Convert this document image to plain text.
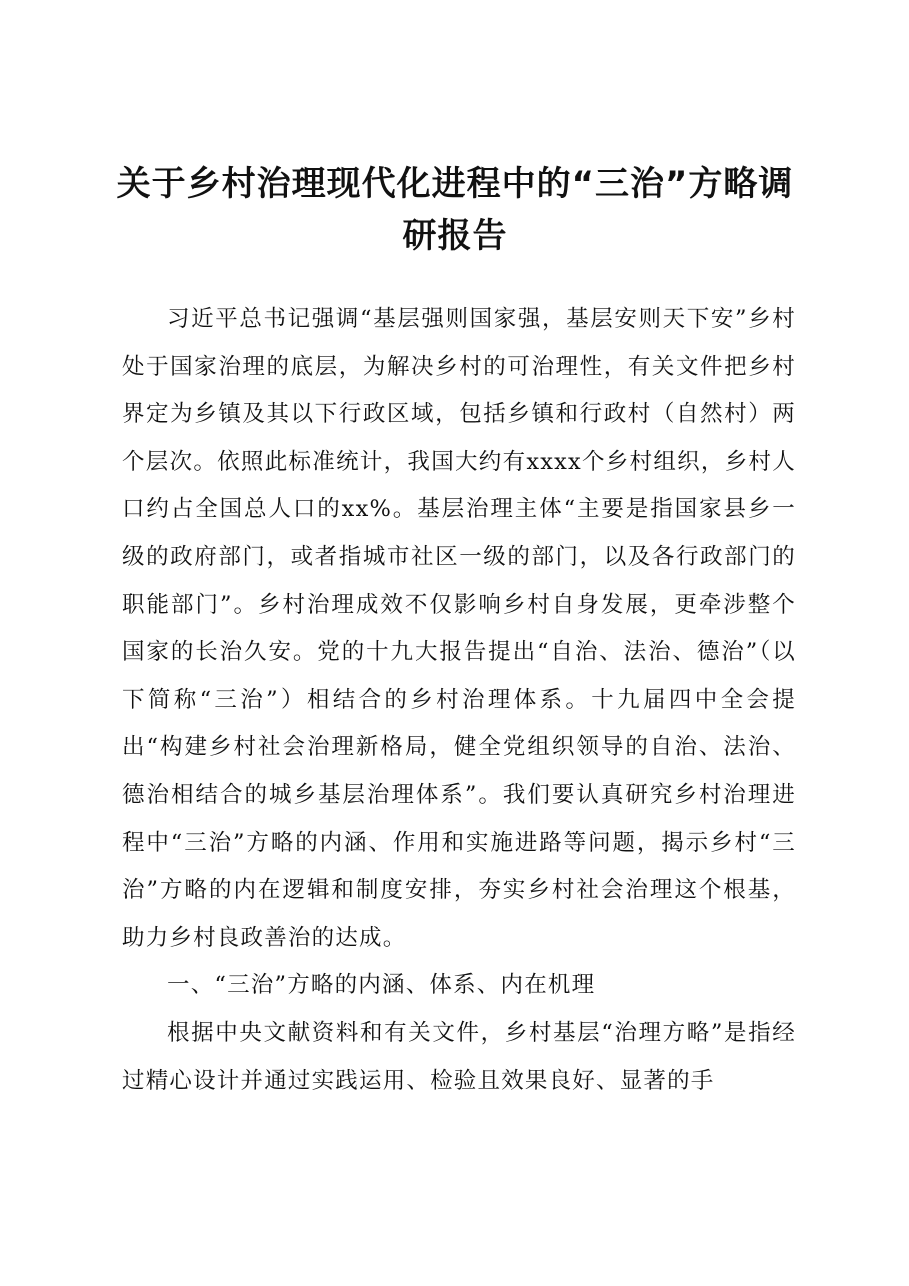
关于乡村治理现代化进程中的“三治”方略调研报告

习近平总书记强调“基层强则国家强，基层安则天下安”乡村处于国家治理的底层，为解决乡村的可治理性，有关文件把乡村界定为乡镇及其以下行政区域，包括乡镇和行政村（自然村）两个层次。依照此标准统计，我国大约有xxxx个乡村组织，乡村人口约占全国总人口的xx%。基层治理主体“主要是指国家县乡一级的政府部门，或者指城市社区一级的部门，以及各行政部门的职能部门”。乡村治理成效不仅影响乡村自身发展，更牵涉整个国家的长治久安。党的十九大报告提出“自治、法治、德治”（以下简称“三治”）相结合的乡村治理体系。十九届四中全会提出“构建乡村社会治理新格局，健全党组织领导的自治、法治、德治相结合的城乡基层治理体系”。我们要认真研究乡村治理进程中“三治”方略的内涵、作用和实施进路等问题，揭示乡村“三治”方略的内在逻辑和制度安排，夯实乡村社会治理这个根基，助力乡村良政善治的达成。

一、“三治”方略的内涵、体系、内在机理

根据中央文献资料和有关文件，乡村基层“治理方略”是指经过精心设计并通过实践运用、检验且效果良好、显著的手
